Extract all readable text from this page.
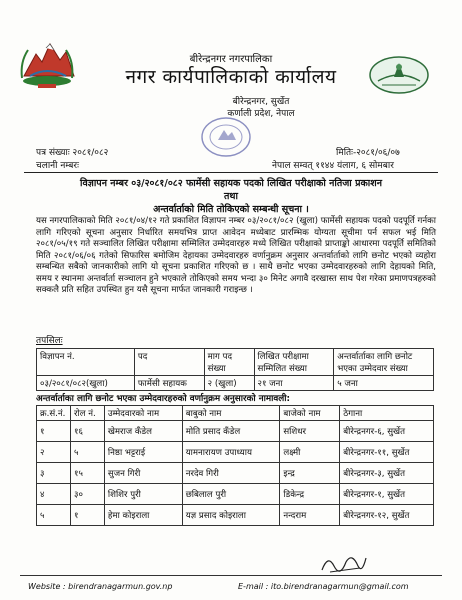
बीरेन्द्रनगर नगरपालिका
नगर कार्यपालिकाको कार्यालय
बीरेन्द्रनगर, सुर्खेत
कर्णाली प्रदेश, नेपाल
पत्र संख्याः २०८१/०८२
चलानी नम्बरः
मितिः-२०८१/०६/०७
नेपाल सम्वत् ११४४ यंलाग, ६ सोमबार
विज्ञापन नम्बर ०३/२०८१/०८२ फार्मेसी सहायक पदको लिखित परीक्षाको नतिजा प्रकाशन
तथा
अन्तर्वार्ताको मिति तोकिएको सम्बन्धी सूचना ।
यस नगरपालिकाको मिति २०८१/०४/१२ गते प्रकाशित विज्ञापन नम्बर ०३/२०८१/०८२ (खुला) फार्मेसी सहायक पदको पदपूर्ति गर्नका लागि गरिएको सूचना अनुसार निर्धारित समयभित्र प्राप्त आवेदन मध्येबाट प्रारम्भिक योग्यता सूचीमा पर्न सफल भई मिति २०८१/०५/१९ गते सञ्चालित लिखित परीक्षामा सम्मिलित उम्मेदवारहरु मध्ये लिखित परीक्षाको प्राप्ताङ्को आधारमा पदपूर्ति समितिको मिति २०८१/०६/०६ गतेको सिफारिस बमोजिम देहायका उम्मेदवारहरु वर्णानुक्रम अनुसार अन्तर्वार्ताको लागि छनोट भएको व्यहोरा सम्बन्धित सबैको जानकारीको लागि यो सूचना प्रकाशित गरिएको छ । साथै छनोट भएका उम्मेदवारहरुको लागि देहायको मिति, समय र स्थानमा अन्तर्वार्ता सञ्चालन हुने भएकाले तोकिएको समय भन्दा ३० मिनेट अगावै दरखास्त साथ पेश गरेका प्रमाणपत्रहरुको सक्कलै प्रति सहित उपस्थित हुन यसै सूचना मार्फत जानकारी गराइन्छ ।
तपसिलः
विज्ञापन नं.	पद	माग पद संख्या	लिखित परीक्षामा सम्मिलित संख्या	अन्तर्वार्ताका लागि छनोट भएका उम्मेदवार संख्या
०३/२०८१/०८२(खुला)	फार्मेसी सहायक	२ (खुला)	२१ जना	५ जना
अन्तर्वार्ताका लागि छनोट भएका उम्मेदवारहरुको वर्णानुक्रम अनुसारको नामावली:
क्र.सं.नं.	रोल नं.	उम्मेदवारको नाम	बाबुको नाम	बाजेको नाम	ठेगाना
१	१६	खेमराज कँडेल	मोति प्रसाद कँडेल	सशिधर	बीरेन्द्रनगर-६, सुर्खेत
२	५	निष्ठा भट्टराई	यामनारायण उपाध्याय	लक्ष्मी	बीरेन्द्रनगर-११, सुर्खेत
३	१५	सुजन गिरी	नरदेव गिरी	इन्द्र	बीरेन्द्रनगर-३, सुर्खेत
४	३०	शिशिर पुरी	छबिलाल पुरी	डिकेन्द्र	बीरेन्द्रनगर-१, सुर्खेत
५	१	हेमा कोइराला	यज्ञ प्रसाद कोइराला	नन्दराम	बीरेन्द्रनगर-१२, सुर्खेत
Website : birendranagarmun.gov.np	E-mail : ito.birendranagarmun@gmail.com
